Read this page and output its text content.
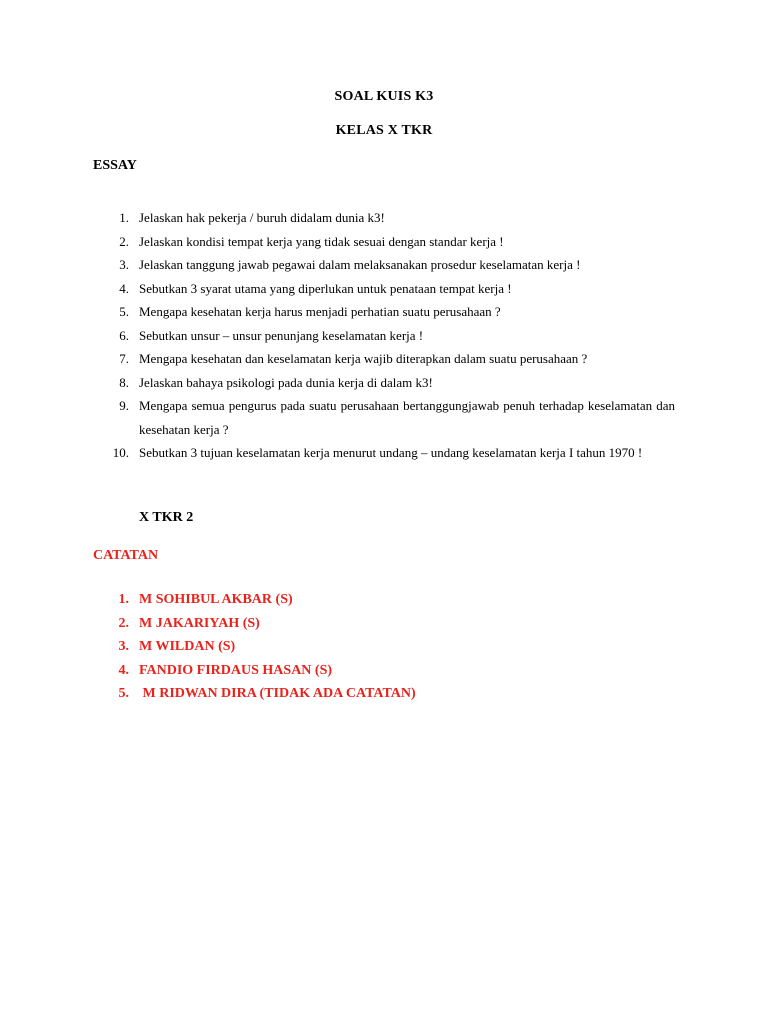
SOAL KUIS K3
KELAS X TKR
ESSAY
1. Jelaskan hak pekerja / buruh didalam dunia k3!
2. Jelaskan kondisi tempat kerja yang tidak sesuai dengan standar kerja !
3. Jelaskan tanggung jawab pegawai dalam melaksanakan prosedur keselamatan kerja !
4. Sebutkan 3 syarat utama yang diperlukan untuk penataan tempat kerja !
5. Mengapa kesehatan kerja harus menjadi perhatian suatu perusahaan ?
6. Sebutkan unsur – unsur penunjang keselamatan kerja !
7. Mengapa kesehatan dan keselamatan kerja wajib diterapkan dalam suatu perusahaan ?
8. Jelaskan bahaya psikologi pada dunia kerja di dalam k3!
9. Mengapa semua pengurus pada suatu perusahaan bertanggungjawab penuh terhadap keselamatan dan kesehatan kerja ?
10. Sebutkan 3 tujuan keselamatan kerja menurut undang – undang keselamatan kerja I tahun 1970 !
X TKR 2
CATATAN
1. M SOHIBUL AKBAR (S)
2. M JAKARIYAH (S)
3. M WILDAN (S)
4. FANDIO FIRDAUS HASAN (S)
5. M RIDWAN DIRA (TIDAK ADA CATATAN)
